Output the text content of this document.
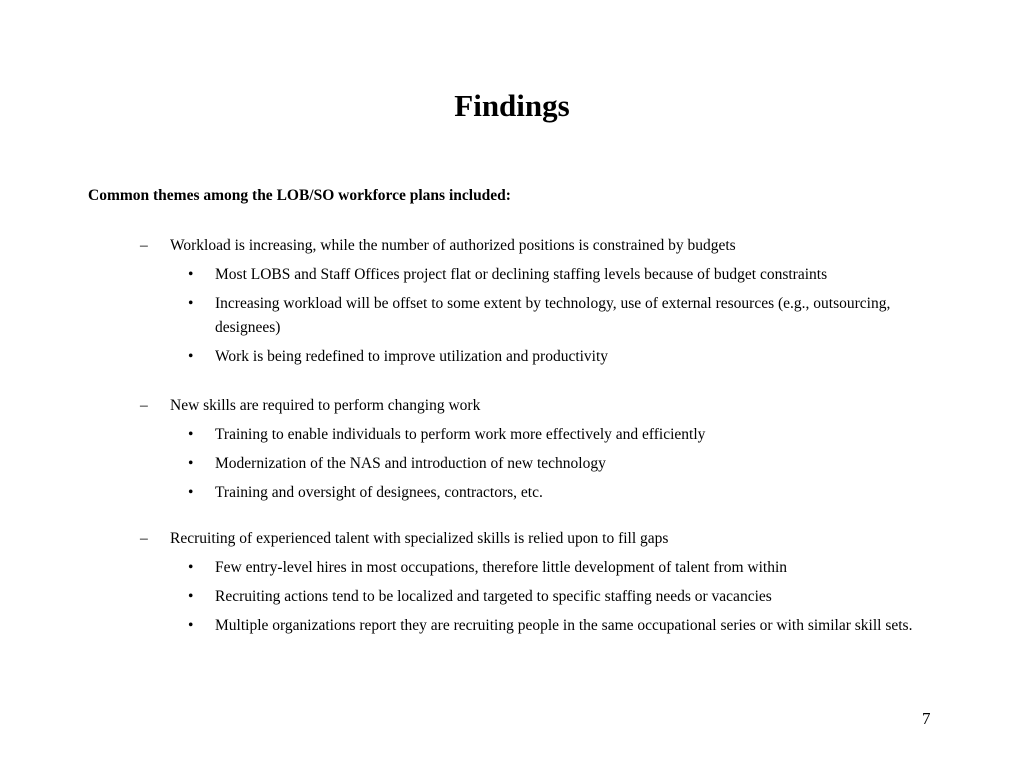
Findings
Common themes among the LOB/SO workforce plans included:
– Workload is increasing, while the number of authorized positions is constrained by budgets
• Most LOBS and Staff Offices project flat or declining staffing levels because of budget constraints
• Increasing workload will be offset to some extent by technology, use of external resources (e.g., outsourcing, designees)
• Work is being redefined to improve utilization and productivity
– New skills are required to perform changing work
• Training to enable individuals to perform work more effectively and efficiently
• Modernization of the NAS and introduction of new technology
• Training and oversight of designees, contractors, etc.
– Recruiting of experienced talent with specialized skills is relied upon to fill gaps
• Few entry-level hires in most occupations, therefore little development of talent from within
• Recruiting actions tend to be localized and targeted to specific staffing needs or vacancies
• Multiple organizations report they are recruiting people in the same occupational series or with similar skill sets.
7
